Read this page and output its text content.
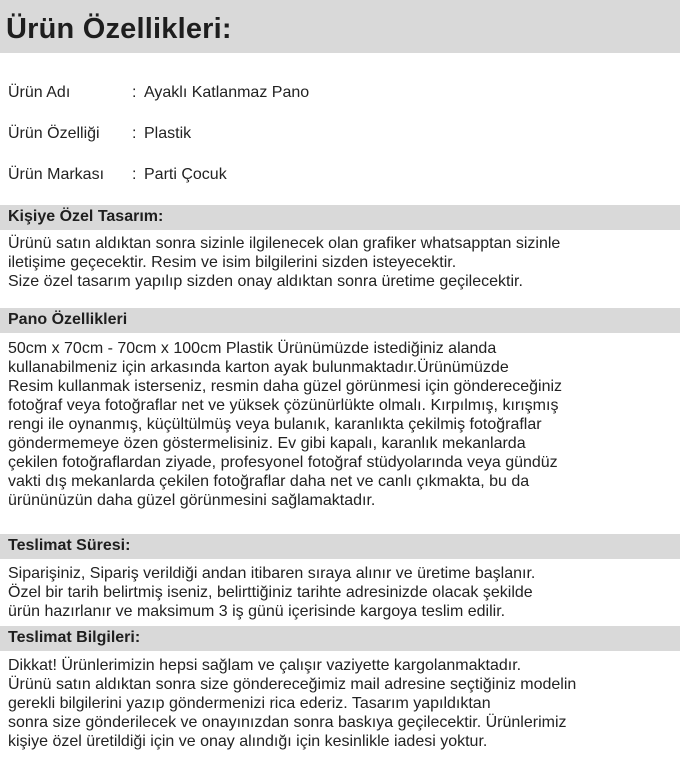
Ürün Özellikleri:
Ürün Adı	: Ayaklı Katlanmaz Pano
Ürün Özelliği : Plastik
Ürün Markası : Parti Çocuk
Kişiye Özel Tasarım:
Ürünü satın aldıktan sonra sizinle ilgilenecek olan grafiker whatsapptan sizinle
iletişime geçecektir. Resim ve isim bilgilerini sizden isteyecektir.
Size özel tasarım yapılıp sizden onay aldıktan sonra üretime geçilecektir.
Pano Özellikleri
50cm x 70cm - 70cm x 100cm Plastik Ürünümüzde istediğiniz alanda
kullanabilmeniz için arkasında karton ayak bulunmaktadır.Ürünümüzde
Resim kullanmak isterseniz, resmin daha güzel görünmesi için göndereceğiniz
fotoğraf veya fotoğraflar net ve yüksek çözünürlükte olmalı. Kırpılmış, kırışmış
rengi ile oynanmış, küçültülmüş veya bulanık, karanlıkta çekilmiş fotoğraflar
göndermemeye özen göstermelisiniz. Ev gibi kapalı, karanlık mekanlarda
çekilen fotoğraflardan ziyade, profesyonel fotoğraf stüdyolarında veya gündüz
vakti dış mekanlarda çekilen fotoğraflar daha net ve canlı çıkmakta, bu da
ürününüzün daha güzel görünmesini sağlamaktadır.
Teslimat Süresi:
Siparişiniz, Sipariş verildiği andan itibaren sıraya alınır ve üretime başlanır.
Özel bir tarih belirtmiş iseniz, belirttiğiniz tarihte adresinizde olacak şekilde
ürün hazırlanır ve maksimum 3 iş günü içerisinde kargoya teslim edilir.
Teslimat Bilgileri:
Dikkat! Ürünlerimizin hepsi sağlam ve çalışır vaziyette kargolanmaktadır.
Ürünü satın aldıktan sonra size göndereceğimiz mail adresine seçtiğiniz modelin
gerekli bilgilerini yazıp göndermenizi rica ederiz. Tasarım yapıldıktan
sonra size gönderilecek ve onayınızdan sonra baskıya geçilecektir. Ürünlerimiz
kişiye özel üretildiği için ve onay alındığı için kesinlikle iadesi yoktur.
